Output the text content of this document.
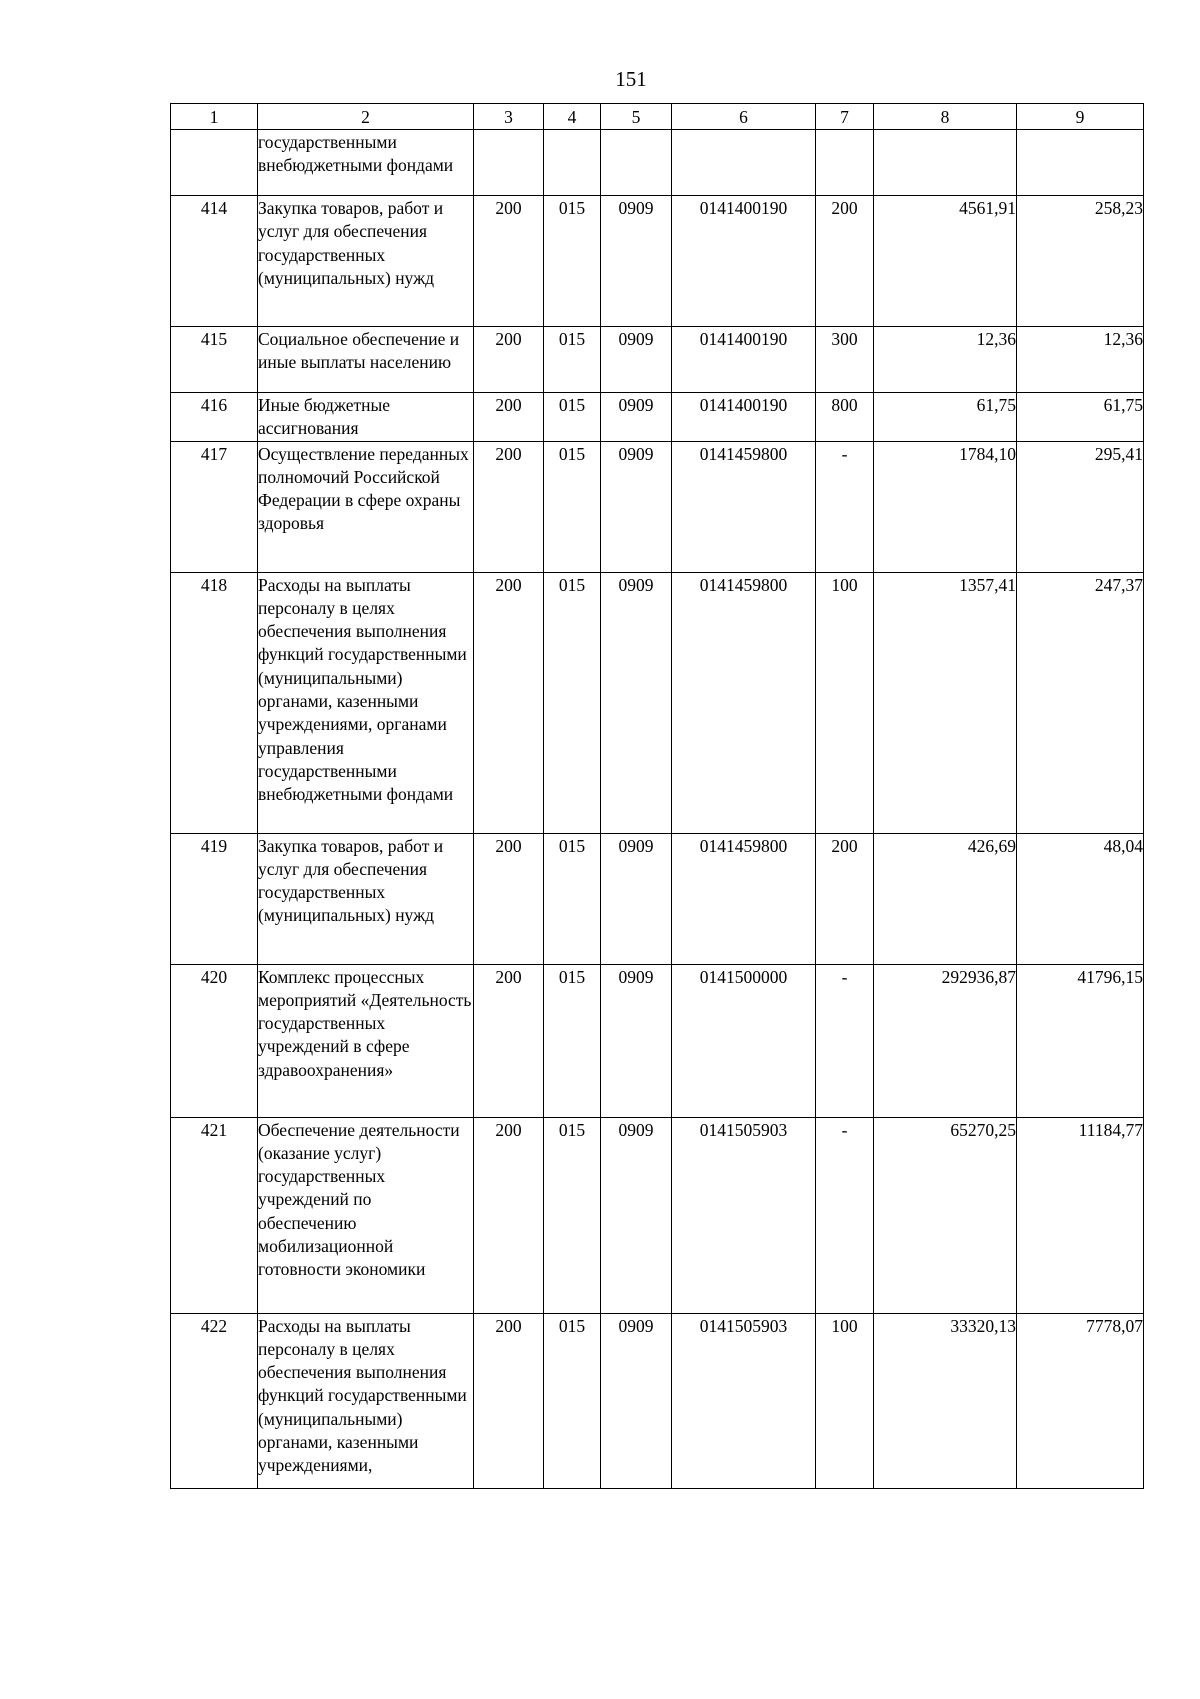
151
1	2	3	4	5	6	7	8	9
	государственными внебюджетными фондами							
414	Закупка товаров, работ и услуг для обеспечения государственных (муниципальных) нужд	200	015	0909	0141400190	200	4561,91	258,23
415	Социальное обеспечение и иные выплаты населению	200	015	0909	0141400190	300	12,36	12,36
416	Иные бюджетные ассигнования	200	015	0909	0141400190	800	61,75	61,75
417	Осуществление переданных полномочий Российской Федерации в сфере охраны здоровья	200	015	0909	0141459800	-	1784,10	295,41
418	Расходы на выплаты персоналу в целях обеспечения выполнения функций государственными (муниципальными) органами, казенными учреждениями, органами управления государственными внебюджетными фондами	200	015	0909	0141459800	100	1357,41	247,37
419	Закупка товаров, работ и услуг для обеспечения государственных (муниципальных) нужд	200	015	0909	0141459800	200	426,69	48,04
420	Комплекс процессных мероприятий «Деятельность государственных учреждений в сфере здравоохранения»	200	015	0909	0141500000	-	292936,87	41796,15
421	Обеспечение деятельности (оказание услуг) государственных учреждений по обеспечению мобилизационной готовности экономики	200	015	0909	0141505903	-	65270,25	11184,77
422	Расходы на выплаты персоналу в целях обеспечения выполнения функций государственными (муниципальными) органами, казенными учреждениями,	200	015	0909	0141505903	100	33320,13	7778,07
